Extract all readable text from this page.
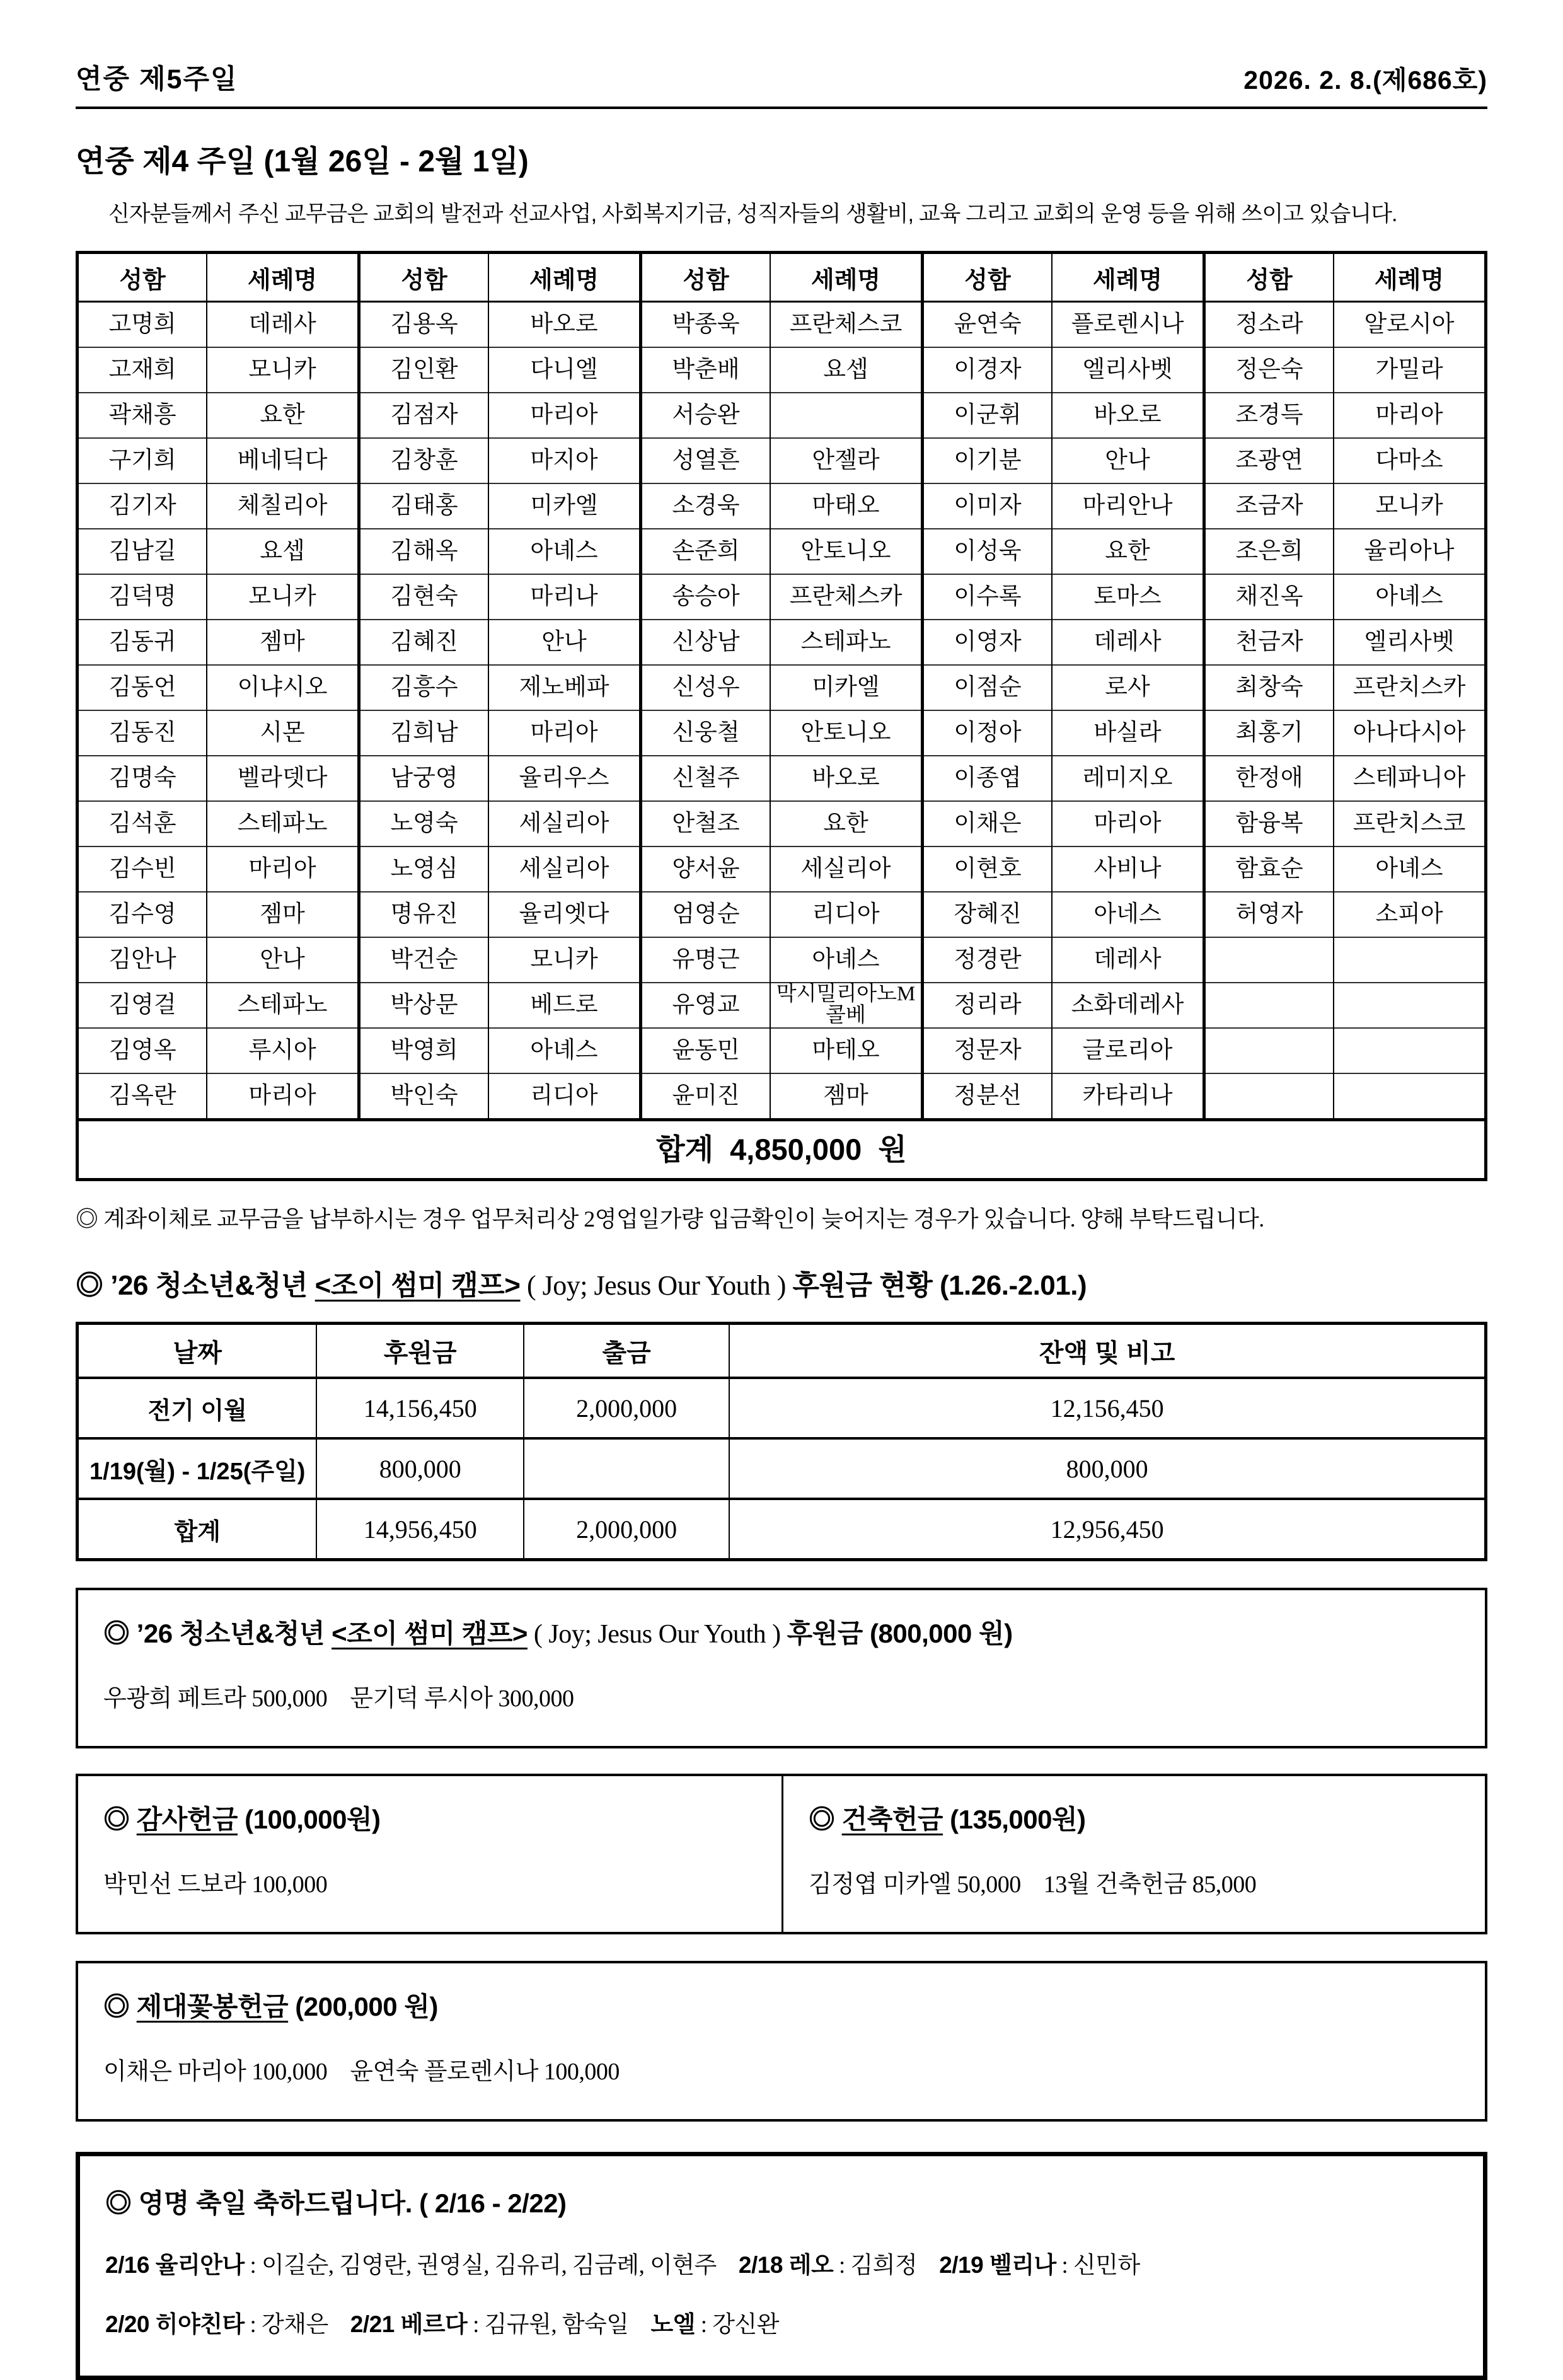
연중 제5주일	2026. 2. 8.(제686호)
연중 제4 주일 (1월 26일 - 2월 1일)

신자분들께서 주신 교무금은 교회의 발전과 선교사업, 사회복지기금, 성직자들의 생활비, 교육 그리고 교회의 운영 등을 위해 쓰이고 있습니다.

성함	세례명	성함	세례명	성함	세례명	성함	세례명	성함	세례명
고명희	데레사	김용옥	바오로	박종욱	프란체스코	윤연숙	플로렌시나	정소라	알로시아
고재희	모니카	김인환	다니엘	박춘배	요셉	이경자	엘리사벳	정은숙	가밀라
곽채흥	요한	김점자	마리아	서승완		이군휘	바오로	조경득	마리아
구기희	베네딕다	김창훈	마지아	성열흔	안젤라	이기분	안나	조광연	다마소
김기자	체칠리아	김태홍	미카엘	소경욱	마태오	이미자	마리안나	조금자	모니카
김남길	요셉	김해옥	아녜스	손준희	안토니오	이성욱	요한	조은희	율리아나
김덕명	모니카	김현숙	마리나	송승아	프란체스카	이수록	토마스	채진옥	아녜스
김동귀	젬마	김혜진	안나	신상남	스테파노	이영자	데레사	천금자	엘리사벳
김동언	이냐시오	김흥수	제노베파	신성우	미카엘	이점순	로사	최창숙	프란치스카
김동진	시몬	김희남	마리아	신웅철	안토니오	이정아	바실라	최홍기	아나다시아
김명숙	벨라뎃다	남궁영	율리우스	신철주	바오로	이종엽	레미지오	한정애	스테파니아
김석훈	스테파노	노영숙	세실리아	안철조	요한	이채은	마리아	함융복	프란치스코
김수빈	마리아	노영심	세실리아	양서윤	세실리아	이현호	사비나	함효순	아녜스
김수영	젬마	명유진	율리엣다	엄영순	리디아	장혜진	아네스	허영자	소피아
김안나	안나	박건순	모니카	유명근	아녜스	정경란	데레사		
김영걸	스테파노	박상문	베드로	유영교	막시밀리아노M콜베	정리라	소화데레사		
김영옥	루시아	박영희	아녜스	윤동민	마테오	정문자	글로리아		
김옥란	마리아	박인숙	리디아	윤미진	젬마	정분선	카타리나		
합계  4,850,000  원									

◎ 계좌이체로 교무금을 납부하시는 경우 업무처리상 2영업일가량 입금확인이 늦어지는 경우가 있습니다. 양해 부탁드립니다.

◎ ’26 청소년&청년 <조이 썸미 캠프> ( Joy; Jesus Our Youth ) 후원금 현황 (1.26.-2.01.)
날짜	후원금	출금	잔액 및 비고
전기 이월	14,156,450	2,000,000	12,156,450
1/19(월) - 1/25(주일)	800,000		800,000
합계	14,956,450	2,000,000	12,956,450
◎ ’26 청소년&청년 <조이 썸미 캠프> ( Joy; Jesus Our Youth ) 후원금 (800,000 원)
우광희 페트라 500,000    문기덕 루시아 300,000
◎ 감사헌금 (100,000원)
박민선 드보라 100,000
◎ 건축헌금 (135,000원)
김정엽 미카엘 50,000    13월 건축헌금 85,000
◎ 제대꽃봉헌금 (200,000 원)
이채은 마리아 100,000    윤연숙 플로렌시나 100,000
◎ 영명 축일 축하드립니다. ( 2/16 - 2/22)
2/16 율리안나 : 이길순, 김영란, 권영실, 김유리, 김금례, 이현주    2/18 레오 : 김희정    2/19 벨리나 : 신민하
2/20 히야친타 : 강채은    2/21 베르다 : 김규원, 함숙일    노엘 : 강신완
